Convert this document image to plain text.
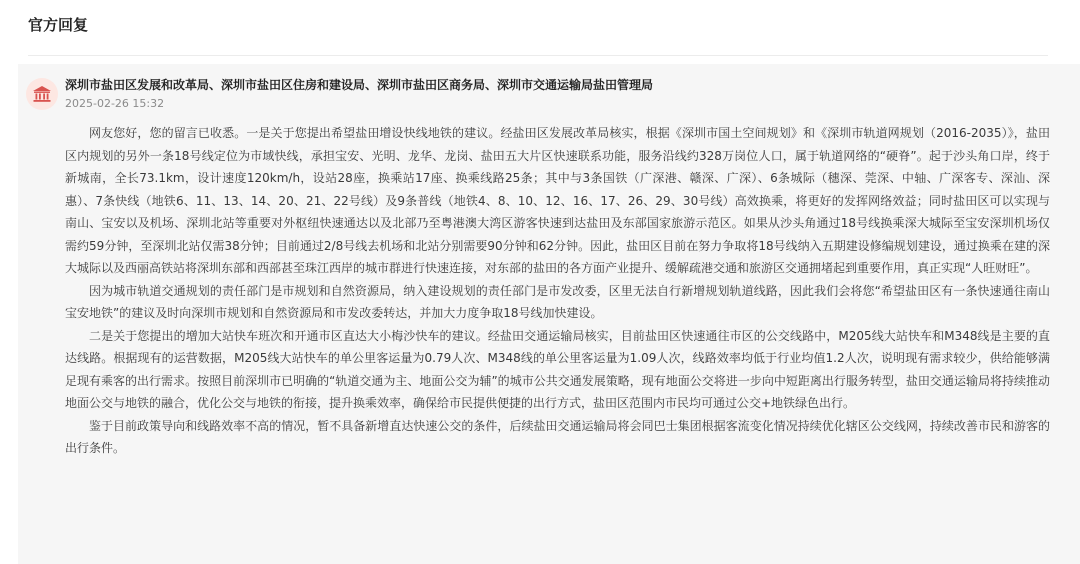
官方回复
深圳市盐田区发展和改革局、深圳市盐田区住房和建设局、深圳市盐田区商务局、深圳市交通运输局盐田管理局
2025-02-26 15:32

网友您好，您的留言已收悉。一是关于您提出希望盐田增设快线地铁的建议。经盐田区发展改革局核实，根据《深圳市国土空间规划》和《深圳市轨道网规划（2016-2035）》，盐田区内规划的另外一条18号线定位为市域快线，承担宝安、光明、龙华、龙岗、盐田五大片区快速联系功能，服务沿线约328万岗位人口，属于轨道网络的“硬脊”。起于沙头角口岸，终于新城南，全长73.1km，设计速度120km/h，设站28座，换乘站17座、换乘线路25条；其中与3条国铁（广深港、赣深、广深）、6条城际（穗深、莞深、中轴、广深客专、深汕、深惠）、7条快线（地铁6、11、13、14、20、21、22号线）及9条普线（地铁4、8、10、12、16、17、26、29、30号线）高效换乘，将更好的发挥网络效益；同时盐田区可以实现与南山、宝安以及机场、深圳北站等重要对外枢纽快速通达以及北部乃至粤港澳大湾区游客快速到达盐田及东部国家旅游示范区。如果从沙头角通过18号线换乘深大城际至宝安深圳机场仅需约59分钟，至深圳北站仅需38分钟；目前通过2/8号线去机场和北站分别需要90分钟和62分钟。因此，盐田区目前在努力争取将18号线纳入五期建设修编规划建设，通过换乘在建的深大城际以及西丽高铁站将深圳东部和西部甚至珠江西岸的城市群进行快速连接，对东部的盐田的各方面产业提升、缓解疏港交通和旅游区交通拥堵起到重要作用，真正实现“人旺财旺”。

因为城市轨道交通规划的责任部门是市规划和自然资源局，纳入建设规划的责任部门是市发改委，区里无法自行新增规划轨道线路，因此我们会将您“希望盐田区有一条快速通往南山宝安地铁”的建议及时向深圳市规划和自然资源局和市发改委转达，并加大力度争取18号线加快建设。

二是关于您提出的增加大站快车班次和开通市区直达大小梅沙快车的建议。经盐田交通运输局核实，目前盐田区快速通往市区的公交线路中，M205线大站快车和M348线是主要的直达线路。根据现有的运营数据，M205线大站快车的单公里客运量为0.79人次、M348线的单公里客运量为1.09人次，线路效率均低于行业均值1.2人次，说明现有需求较少，供给能够满足现有乘客的出行需求。按照目前深圳市已明确的“轨道交通为主、地面公交为辅”的城市公共交通发展策略，现有地面公交将进一步向中短距离出行服务转型，盐田交通运输局将持续推动地面公交与地铁的融合，优化公交与地铁的衔接，提升换乘效率，确保给市民提供便捷的出行方式，盐田区范围内市民均可通过公交+地铁绿色出行。

鉴于目前政策导向和线路效率不高的情况，暂不具备新增直达快速公交的条件，后续盐田交通运输局将会同巴士集团根据客流变化情况持续优化辖区公交线网，持续改善市民和游客的出行条件。
